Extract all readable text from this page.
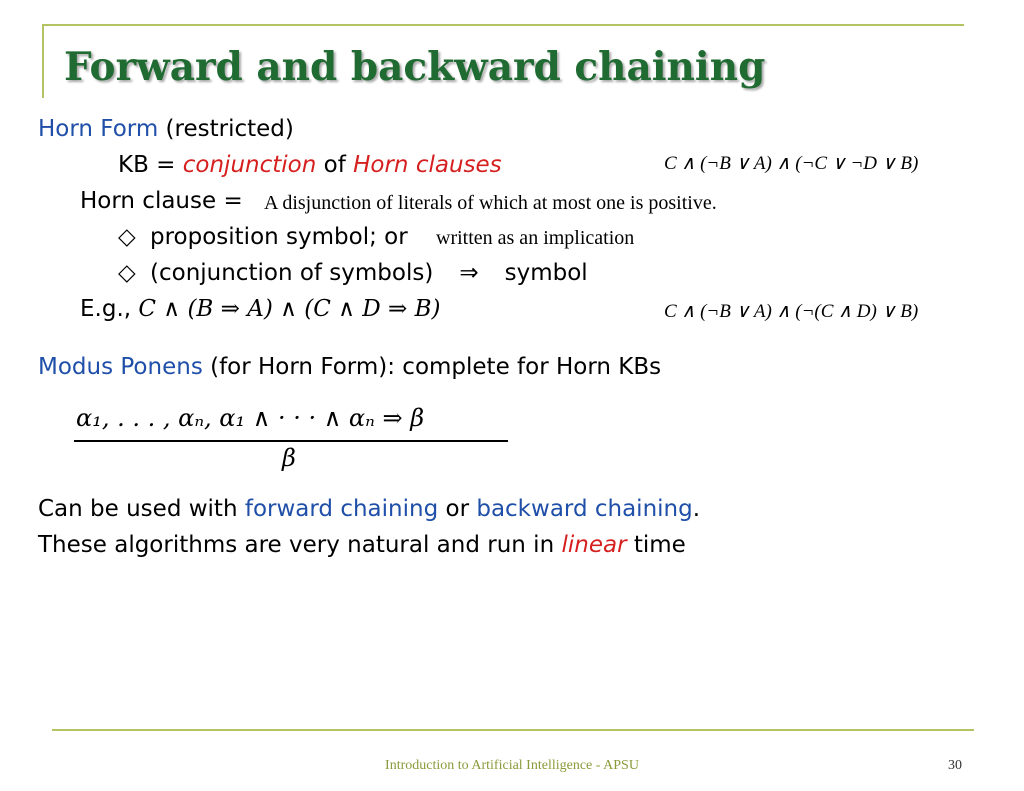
Forward and backward chaining
Horn Form (restricted)
KB = conjunction of Horn clauses	C ∧ (¬B ∨ A) ∧ (¬C ∨ ¬D ∨ B)
Horn clause = A disjunction of literals of which at most one is positive.
◇ proposition symbol; or written as an implication
◇ (conjunction of symbols) ⇒ symbol
E.g., C ∧ (B ⇒ A) ∧ (C ∧ D ⇒ B)	C ∧ (¬B ∨ A) ∧ (¬(C ∧ D) ∨ B)
Modus Ponens (for Horn Form): complete for Horn KBs
α₁, . . . , αₙ, α₁ ∧ · · · ∧ αₙ ⇒ β
β
Can be used with forward chaining or backward chaining.
These algorithms are very natural and run in linear time
Introduction to Artificial Intelligence - APSU	30
